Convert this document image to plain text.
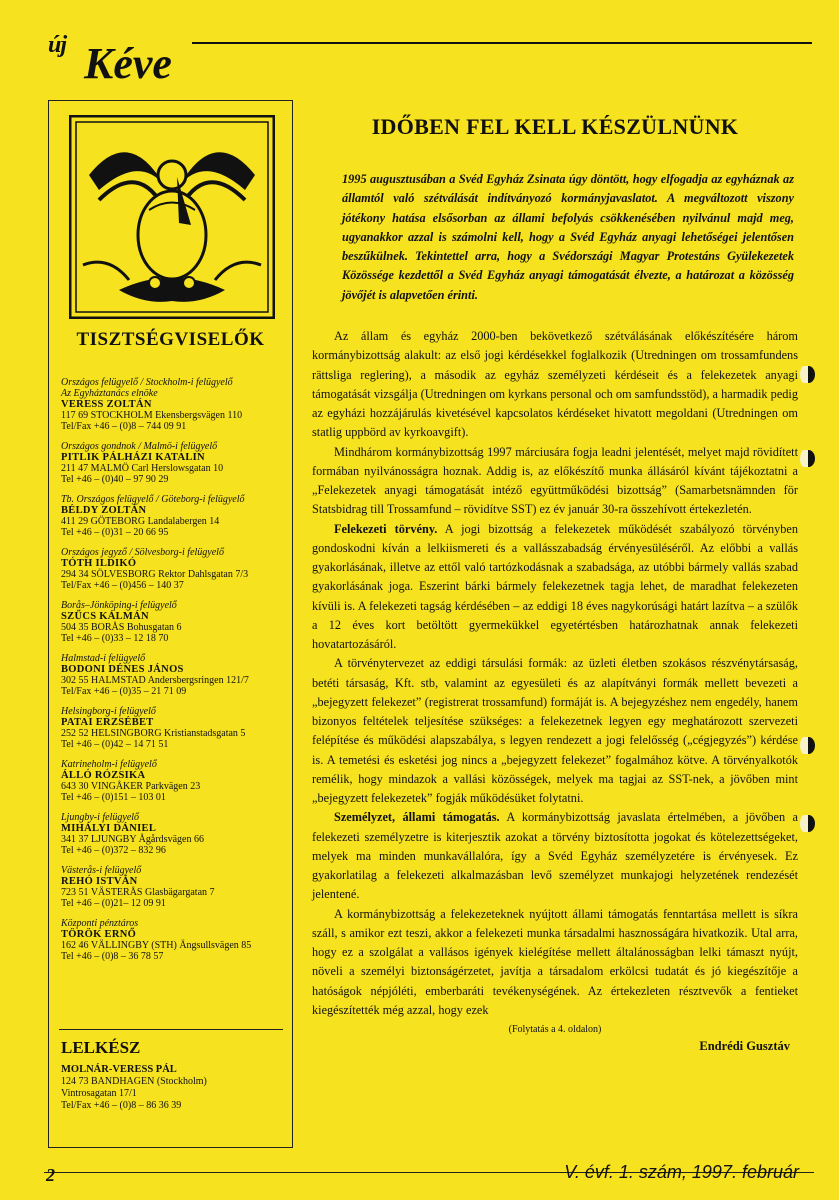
új Kéve
TISZTSÉGVISELŐK
Országos felügyelő / Stockholm-i felügyelő
Az Egyháztanács elnöke
VERESS ZOLTÁN
117 69 STOCKHOLM Ekensbergsvägen 110
Tel/Fax +46 – (0)8 – 744 09 91
Országos gondnok / Malmö-i felügyelő
PITLIK PÁLHÁZI KATALIN
211 47 MALMÖ Carl Herslowsgatan 10
Tel +46 – (0)40 – 97 90 29
Tb. Országos felügyelő / Göteborg-i felügyelő
BÉLDY ZOLTÁN
411 29 GÖTEBORG Landalabergen 14
Tel +46 – (0)31 – 20 66 95
Országos jegyző / Sölvesborg-i felügyelő
TÓTH ILDIKÓ
294 34 SÖLVESBORG Rektor Dahlsgatan 7/3
Tel/Fax +46 – (0)456 – 140 37
Borås–Jönköping-i felügyelő
SZŰCS KÁLMÁN
504 35 BORÅS Bohusgatan 6
Tel +46 – (0)33 – 12 18 70
Halmstad-i felügyelő
BODONI DÉNES JÁNOS
302 55 HALMSTAD Andersbergsringen 121/7
Tel/Fax +46 – (0)35 – 21 71 09
Helsingborg-i felügyelő
PATAI ERZSÉBET
252 52 HELSINGBORG Kristianstadsgatan 5
Tel +46 – (0)42 – 14 71 51
Katrineholm-i felügyelő
ÁLLÓ RÓZSIKA
643 30 VINGÅKER Parkvägen 23
Tel +46 – (0)151 – 103 01
Ljungby-i felügyelő
MIHÁLYI DÁNIEL
341 37 LJUNGBY Ågårdsvägen 66
Tel +46 – (0)372 – 832 96
Västerås-i felügyelő
REHÓ ISTVÁN
723 51 VÄSTERÅS Glasbägargatan 7
Tel +46 – (0)21– 12 09 91
Központi pénztáros
TÖRÖK ERNŐ
162 46 VÄLLINGBY (STH) Ängsullsvägen 85
Tel +46 – (0)8 – 36 78 57
LELKÉSZ
MOLNÁR-VERESS PÁL
124 73 BANDHAGEN (Stockholm)
Vintrosagatan 17/1
Tel/Fax +46 – (0)8 – 86 36 39
IDŐBEN FEL KELL KÉSZÜLNÜNK
1995 augusztusában a Svéd Egyház Zsinata úgy döntött, hogy elfogadja az egyháznak az államtól való szétválását indítványozó kormányjavaslatot. A megváltozott viszony jótékony hatása elsősorban az állami befolyás csökkenésében nyilvánul majd meg, ugyanakkor azzal is számolni kell, hogy a Svéd Egyház anyagi lehetőségei jelentősen beszűkülnek. Tekintettel arra, hogy a Svédországi Magyar Protestáns Gyülekezetek Közössége kezdettől a Svéd Egyház anyagi támogatását élvezte, a határozat a közösség jövőjét is alapvetően érinti.

Az állam és egyház 2000-ben bekövetkező szétválásának előkészítésére három kormánybizottság alakult: az első jogi kérdésekkel foglalkozik (Utredningen om trossamfundens rättsliga reglering), a második az egyház személyzeti kérdéseit és a felekezetek anyagi támogatását vizsgálja (Utredningen om kyrkans personal och om samfundsstöd), a harmadik pedig az egyházi hozzájárulás kivetésével kapcsolatos kérdéseket hivatott megoldani (Utredningen om statlig uppbörd av kyrkoavgift).

Mindhárom kormánybizottság 1997 márciusára fogja leadni jelentését, melyet majd rövidített formában nyilvánosságra hoznak. Addig is, az előkészítő munka állásáról kívánt tájékoztatni a „Felekezetek anyagi támogatását intéző együttműködési bizottság” (Samarbetsnämnden för Statsbidrag till Trossamfund – rövidítve SST) ez év január 30-ra összehívott értekezletén.

Felekezeti törvény. A jogi bizottság a felekezetek működését szabályozó törvényben gondoskodni kíván a lelkiismereti és a vallásszabadság érvényesüléséről. Az előbbi a vallás gyakorlásának, illetve az ettől való tartózkodásnak a szabadsága, az utóbbi bármely vallás szabad gyakorlásának joga. Eszerint bárki bármely felekezetnek tagja lehet, de maradhat felekezeten kívüli is. A felekezeti tagság kérdésében – az eddigi 18 éves nagykorúsági határt lazítva – a szülők a 12 éves kort betöltött gyermekükkel egyetértésben határozhatnak annak felekezeti hovatartozásáról.

A törvénytervezet az eddigi társulási formák: az üzleti életben szokásos részvénytársaság, betéti társaság, Kft. stb, valamint az egyesületi és az alapítványi formák mellett bevezeti a „bejegyzett felekezet” (registrerat trossamfund) formáját is. A bejegyzéshez nem engedély, hanem bizonyos feltételek teljesítése szükséges: a felekezetnek legyen egy meghatározott szervezeti felépítése és működési alapszabálya, s legyen rendezett a jogi felelősség („cégjegyzés”) kérdése is. A temetési és esketési jog nincs a „bejegyzett felekezet” fogalmához kötve. A törvényalkotók remélik, hogy mindazok a vallási közösségek, melyek ma tagjai az SST-nek, a jövőben mint „bejegyzett felekezetek” fogják működésüket folytatni.

Személyzet, állami támogatás. A kormánybizottság javaslata értelmében, a jövőben a felekezeti személyzetre is kiterjesztik azokat a törvény biztosította jogokat és kötelezettségeket, melyek ma minden munkavállalóra, így a Svéd Egyház személyzetére is érvényesek. Ez gyakorlatilag a felekezeti alkalmazásban levő személyzet munkajogi helyzetének rendezését jelentené.

A kormánybizottság a felekezeteknek nyújtott állami támogatás fenntartása mellett is síkra száll, s amikor ezt teszi, akkor a felekezeti munka társadalmi hasznosságára hivatkozik. Utal arra, hogy ez a szolgálat a vallásos igények kielégítése mellett általánosságban lelki támaszt nyújt, növeli a személyi biztonságérzetet, javítja a társadalom erkölcsi tudatát és jó kiegészítője a hatóságok népjóléti, emberbaráti tevékenységének. Az értekezleten résztvevők a fentieket kiegészítették még azzal, hogy ezek

(Folytatás a 4. oldalon)
Endrédi Gusztáv
2	V. évf. 1. szám, 1997. február
